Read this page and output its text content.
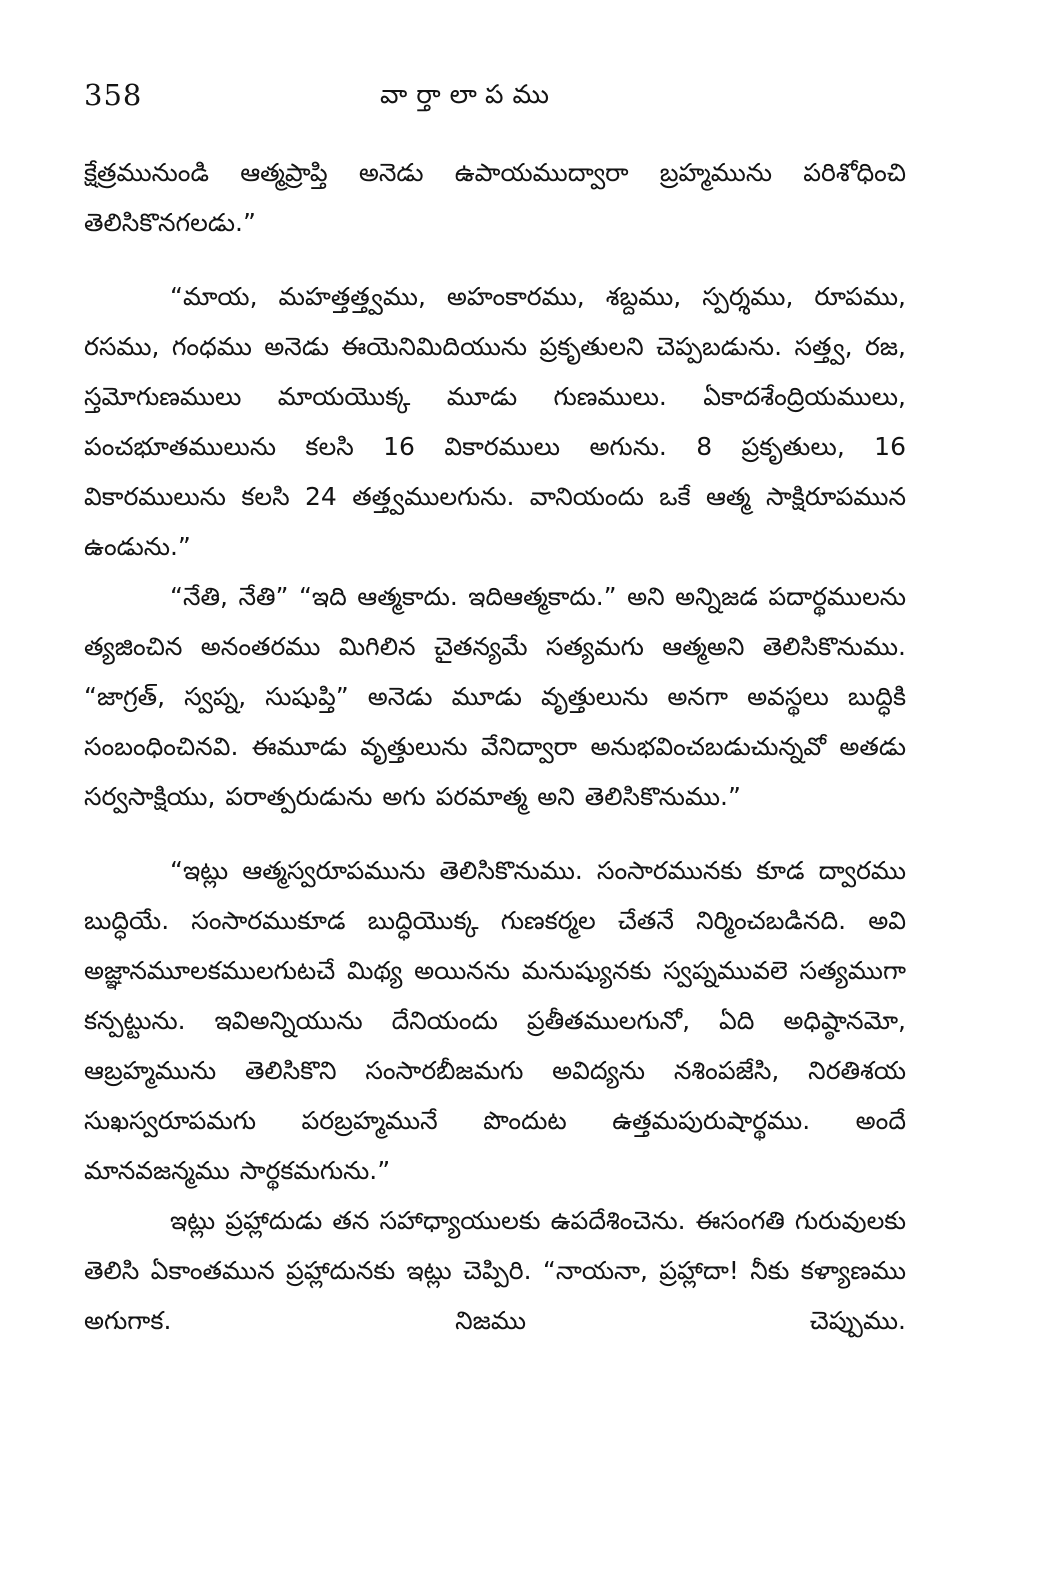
358	వార్తాలాపము

క్షేత్రమునుండి ఆత్మప్రాప్తి అనెడు ఉపాయముద్వారా బ్రహ్మమును పరిశోధించి తెలిసికొనగలడు.”

“మాయ, మహత్తత్త్వము, అహంకారము, శబ్దము, స్పర్శము, రూపము, రసము, గంధము అనెడు ఈయెనిమిదియును ప్రకృతులని చెప్పబడును. సత్త్వ, రజ, స్తమోగుణములు మాయయొక్క మూడు గుణములు. ఏకాదశేంద్రియములు, పంచభూతములును కలసి 16 వికారములు అగును. 8 ప్రకృతులు, 16 వికారములును కలసి 24 తత్త్వములగును. వానియందు ఒకే ఆత్మ సాక్షిరూపమున ఉండును.”

“నేతి, నేతి” “ఇది ఆత్మకాదు. ఇదిఆత్మకాదు.” అని అన్నిజడ పదార్థములను త్యజించిన అనంతరము మిగిలిన చైతన్యమే సత్యమగు ఆత్మఅని తెలిసికొనుము. “జాగ్రత్, స్వప్న, సుషుప్తి” అనెడు మూడు వృత్తులును అనగా అవస్థలు బుద్ధికి సంబంధించినవి. ఈమూడు వృత్తులును వేనిద్వారా అనుభవించబడుచున్నవో అతడు సర్వసాక్షియు, పరాత్పరుడును అగు పరమాత్మ అని తెలిసికొనుము.”

“ఇట్లు ఆత్మస్వరూపమును తెలిసికొనుము. సంసారమునకు కూడ ద్వారము బుద్ధియే. సంసారముకూడ బుద్ధియొక్క గుణకర్మల చేతనే నిర్మించబడినది. అవి అజ్ఞానమూలకములగుటచే మిథ్య అయినను మనుష్యునకు స్వప్నమువలె సత్యముగా కన్పట్టును. ఇవిఅన్నియును దేనియందు ప్రతీతములగునో, ఏది అధిష్ఠానమో, ఆబ్రహ్మమును తెలిసికొని సంసారబీజమగు అవిద్యను నశింపజేసి, నిరతిశయ సుఖస్వరూపమగు పరబ్రహ్మమునే పొందుట ఉత్తమపురుషార్థము. అందే మానవజన్మము సార్థకమగును.”

ఇట్లు ప్రహ్లాదుడు తన సహాధ్యాయులకు ఉపదేశించెను. ఈసంగతి గురువులకు తెలిసి ఏకాంతమున ప్రహ్లాదునకు ఇట్లు చెప్పిరి. “నాయనా, ప్రహ్లాదా! నీకు కళ్యాణము అగుగాక. నిజము చెప్పుము.
